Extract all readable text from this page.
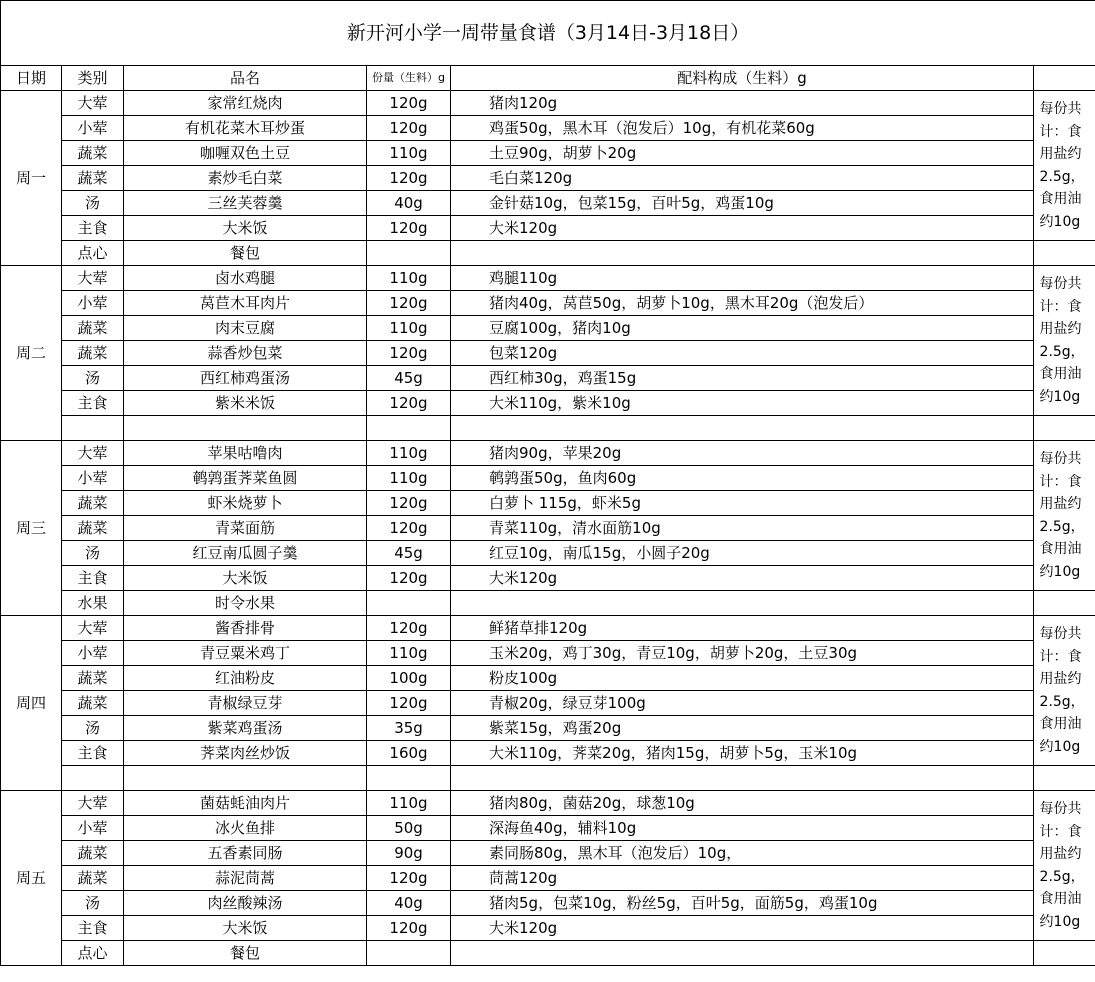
新开河小学一周带量食谱（3月14日-3月18日）					
日期	类别	品名	份量（生料）g	配料构成（生料）g	
周一	大荤	家常红烧肉	120g	猪肉120g	每份共计：食用盐约2.5g，食用油约10g
	小荤	有机花菜木耳炒蛋	120g	鸡蛋50g，黑木耳（泡发后）10g，有机花菜60g	
	蔬菜	咖喱双色土豆	110g	土豆90g，胡萝卜20g	
	蔬菜	素炒毛白菜	120g	毛白菜120g	
	汤	三丝芙蓉羹	40g	金针菇10g，包菜15g，百叶5g，鸡蛋10g	
	主食	大米饭	120g	大米120g	
	点心	餐包			
周二	大荤	卤水鸡腿	110g	鸡腿110g	每份共计：食用盐约2.5g，食用油约10g
	小荤	莴苣木耳肉片	120g	猪肉40g，莴苣50g，胡萝卜10g，黑木耳20g（泡发后）	
	蔬菜	肉末豆腐	110g	豆腐100g，猪肉10g	
	蔬菜	蒜香炒包菜	120g	包菜120g	
	汤	西红柿鸡蛋汤	45g	西红柿30g，鸡蛋15g	
	主食	紫米米饭	120g	大米110g，紫米10g	

周三	大荤	苹果咕噜肉	110g	猪肉90g，苹果20g	每份共计：食用盐约2.5g，食用油约10g
	小荤	鹌鹑蛋荠菜鱼圆	110g	鹌鹑蛋50g，鱼肉60g	
	蔬菜	虾米烧萝卜	120g	白萝卜 115g，虾米5g	
	蔬菜	青菜面筋	120g	青菜110g，清水面筋10g	
	汤	红豆南瓜圆子羹	45g	红豆10g，南瓜15g，小圆子20g	
	主食	大米饭	120g	大米120g	
	水果	时令水果			
周四	大荤	酱香排骨	120g	鲜猪草排120g	每份共计：食用盐约2.5g，食用油约10g
	小荤	青豆粟米鸡丁	110g	玉米20g，鸡丁30g，青豆10g，胡萝卜20g，土豆30g	
	蔬菜	红油粉皮	100g	粉皮100g	
	蔬菜	青椒绿豆芽	120g	青椒20g，绿豆芽100g	
	汤	紫菜鸡蛋汤	35g	紫菜15g，鸡蛋20g	
	主食	荠菜肉丝炒饭	160g	大米110g，荠菜20g，猪肉15g，胡萝卜5g，玉米10g	

周五	大荤	菌菇蚝油肉片	110g	猪肉80g，菌菇20g，球葱10g	每份共计：食用盐约2.5g，食用油约10g
	小荤	冰火鱼排	50g	深海鱼40g，辅料10g	
	蔬菜	五香素同肠	90g	素同肠80g，黑木耳（泡发后）10g，	
	蔬菜	蒜泥茼蒿	120g	茼蒿120g	
	汤	肉丝酸辣汤	40g	猪肉5g，包菜10g，粉丝5g，百叶5g，面筋5g，鸡蛋10g	
	主食	大米饭	120g	大米120g	
	点心	餐包			
